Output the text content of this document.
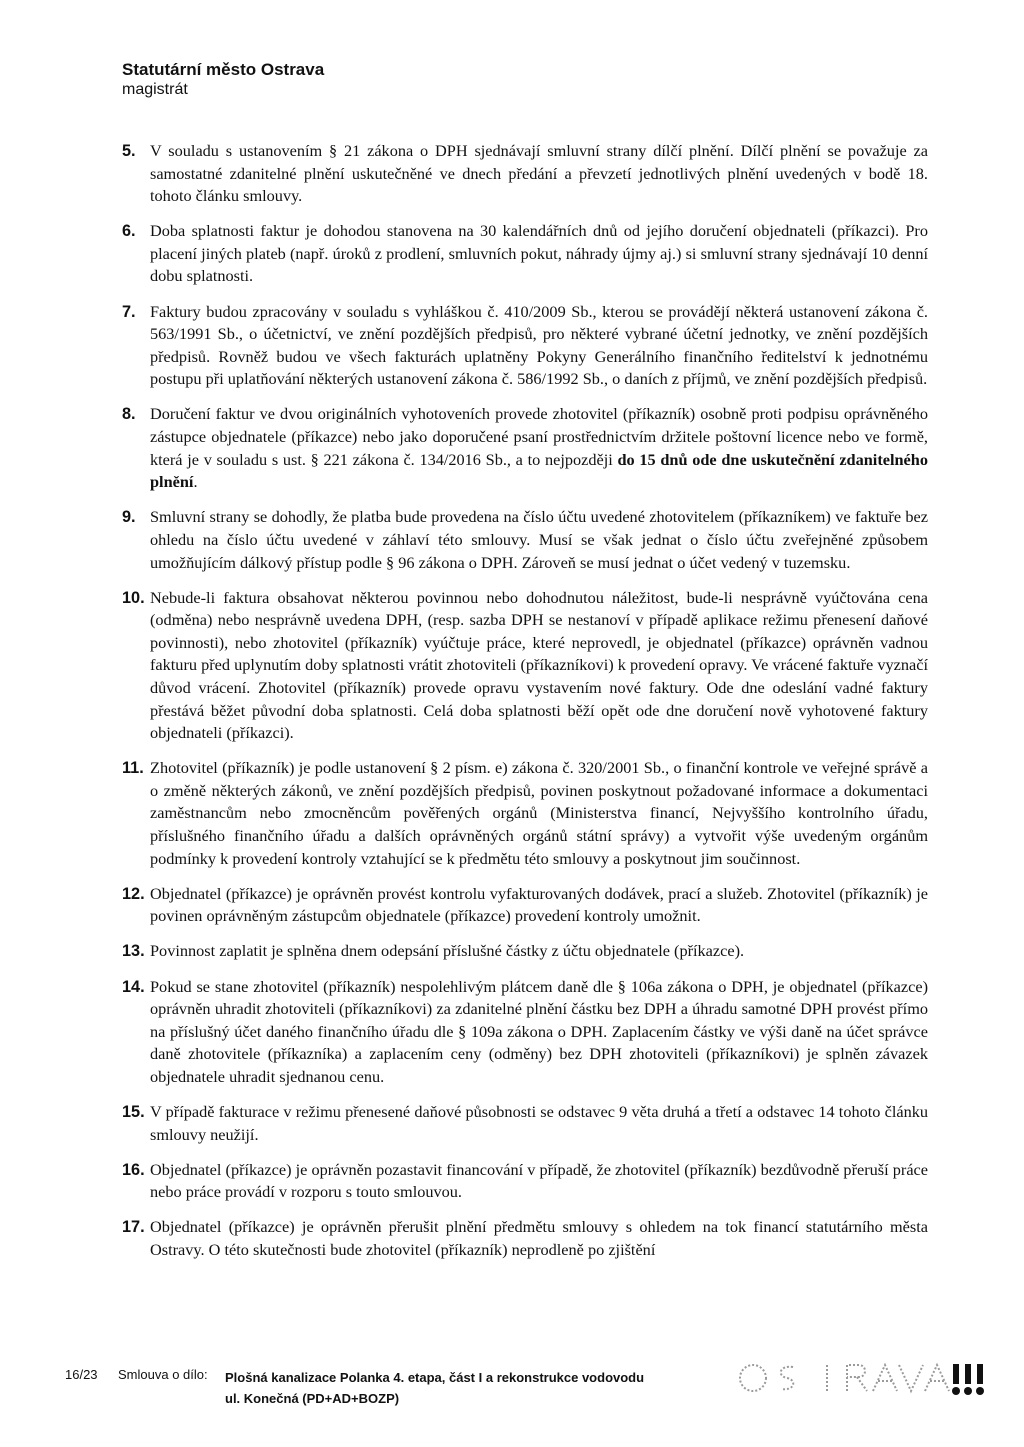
Statutární město Ostrava
magistrát
5. V souladu s ustanovením § 21 zákona o DPH sjednávají smluvní strany dílčí plnění. Dílčí plnění se považuje za samostatné zdanitelné plnění uskutečněné ve dnech předání a převzetí jednotlivých plnění uvedených v bodě 18. tohoto článku smlouvy.
6. Doba splatnosti faktur je dohodou stanovena na 30 kalendářních dnů od jejího doručení objednateli (příkazci). Pro placení jiných plateb (např. úroků z prodlení, smluvních pokut, náhrady újmy aj.) si smluvní strany sjednávají 10 denní dobu splatnosti.
7. Faktury budou zpracovány v souladu s vyhláškou č. 410/2009 Sb., kterou se provádějí některá ustanovení zákona č. 563/1991 Sb., o účetnictví, ve znění pozdějších předpisů, pro některé vybrané účetní jednotky, ve znění pozdějších předpisů. Rovněž budou ve všech fakturách uplatněny Pokyny Generálního finančního ředitelství k jednotnému postupu při uplatňování některých ustanovení zákona č. 586/1992 Sb., o daních z příjmů, ve znění pozdějších předpisů.
8. Doručení faktur ve dvou originálních vyhotoveních provede zhotovitel (příkazník) osobně proti podpisu oprávněného zástupce objednatele (příkazce) nebo jako doporučené psaní prostřednictvím držitele poštovní licence nebo ve formě, která je v souladu s ust. § 221 zákona č. 134/2016 Sb., a to nejpozději do 15 dnů ode dne uskutečnění zdanitelného plnění.
9. Smluvní strany se dohodly, že platba bude provedena na číslo účtu uvedené zhotovitelem (příkazníkem) ve faktuře bez ohledu na číslo účtu uvedené v záhlaví této smlouvy. Musí se však jednat o číslo účtu zveřejněné způsobem umožňujícím dálkový přístup podle § 96 zákona o DPH. Zároveň se musí jednat o účet vedený v tuzemsku.
10. Nebude-li faktura obsahovat některou povinnou nebo dohodnutou náležitost, bude-li nesprávně vyúčtována cena (odměna) nebo nesprávně uvedena DPH, (resp. sazba DPH se nestanoví v případě aplikace režimu přenesení daňové povinnosti), nebo zhotovitel (příkazník) vyúčtuje práce, které neprovedl, je objednatel (příkazce) oprávněn vadnou fakturu před uplynutím doby splatnosti vrátit zhotoviteli (příkazníkovi) k provedení opravy. Ve vrácené faktuře vyznačí důvod vrácení. Zhotovitel (příkazník) provede opravu vystavením nové faktury. Ode dne odeslání vadné faktury přestává běžet původní doba splatnosti. Celá doba splatnosti běží opět ode dne doručení nově vyhotovené faktury objednateli (příkazci).
11. Zhotovitel (příkazník) je podle ustanovení § 2 písm. e) zákona č. 320/2001 Sb., o finanční kontrole ve veřejné správě a o změně některých zákonů, ve znění pozdějších předpisů, povinen poskytnout požadované informace a dokumentaci zaměstnancům nebo zmocněncům pověřených orgánů (Ministerstva financí, Nejvyššího kontrolního úřadu, příslušného finančního úřadu a dalších oprávněných orgánů státní správy) a vytvořit výše uvedeným orgánům podmínky k provedení kontroly vztahující se k předmětu této smlouvy a poskytnout jim součinnost.
12. Objednatel (příkazce) je oprávněn provést kontrolu vyfakturovaných dodávek, prací a služeb. Zhotovitel (příkazník) je povinen oprávněným zástupcům objednatele (příkazce) provedení kontroly umožnit.
13. Povinnost zaplatit je splněna dnem odepsání příslušné částky z účtu objednatele (příkazce).
14. Pokud se stane zhotovitel (příkazník) nespolehlivým plátcem daně dle § 106a zákona o DPH, je objednatel (příkazce) oprávněn uhradit zhotoviteli (příkazníkovi) za zdanitelné plnění částku bez DPH a úhradu samotné DPH provést přímo na příslušný účet daného finančního úřadu dle § 109a zákona o DPH. Zaplacením částky ve výši daně na účet správce daně zhotovitele (příkazníka) a zaplacením ceny (odměny) bez DPH zhotoviteli (příkazníkovi) je splněn závazek objednatele uhradit sjednanou cenu.
15. V případě fakturace v režimu přenesené daňové působnosti se odstavec 9 věta druhá a třetí a odstavec 14 tohoto článku smlouvy neužijí.
16. Objednatel (příkazce) je oprávněn pozastavit financování v případě, že zhotovitel (příkazník) bezdůvodně přeruší práce nebo práce provádí v rozporu s touto smlouvou.
17. Objednatel (příkazce) je oprávněn přerušit plnění předmětu smlouvy s ohledem na tok financí statutárního města Ostravy. O této skutečnosti bude zhotovitel (příkazník) neprodleně po zjištění
16/23 Smlouva o dílo: Plošná kanalizace Polanka 4. etapa, část I a rekonstrukce vodovodu
ul. Konečná (PD+AD+BOZP)
